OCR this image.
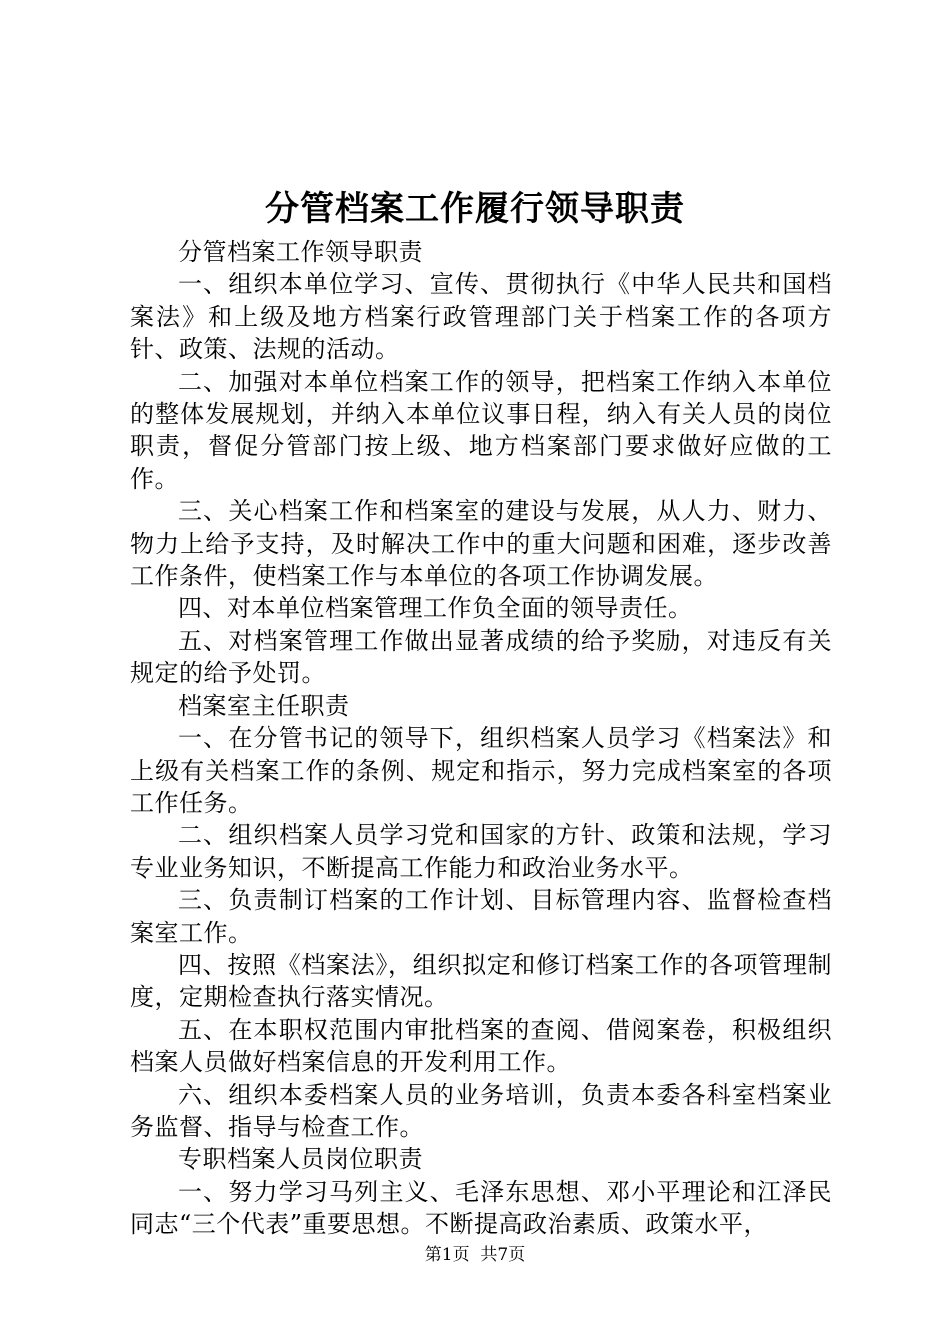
分管档案工作履行领导职责

分管档案工作领导职责

一、组织本单位学习、宣传、贯彻执行《中华人民共和国档案法》和上级及地方档案行政管理部门关于档案工作的各项方针、政策、法规的活动。

二、加强对本单位档案工作的领导，把档案工作纳入本单位的整体发展规划，并纳入本单位议事日程，纳入有关人员的岗位职责，督促分管部门按上级、地方档案部门要求做好应做的工作。

三、关心档案工作和档案室的建设与发展，从人力、财力、物力上给予支持，及时解决工作中的重大问题和困难，逐步改善工作条件，使档案工作与本单位的各项工作协调发展。

四、对本单位档案管理工作负全面的领导责任。

五、对档案管理工作做出显著成绩的给予奖励，对违反有关规定的给予处罚。

档案室主任职责

一、在分管书记的领导下，组织档案人员学习《档案法》和上级有关档案工作的条例、规定和指示，努力完成档案室的各项工作任务。

二、组织档案人员学习党和国家的方针、政策和法规，学习专业业务知识，不断提高工作能力和政治业务水平。

三、负责制订档案的工作计划、目标管理内容、监督检查档案室工作。

四、按照《档案法》，组织拟定和修订档案工作的各项管理制度，定期检查执行落实情况。

五、在本职权范围内审批档案的查阅、借阅案卷，积极组织档案人员做好档案信息的开发利用工作。

六、组织本委档案人员的业务培训，负责本委各科室档案业务监督、指导与检查工作。

专职档案人员岗位职责

一、努力学习马列主义、毛泽东思想、邓小平理论和江泽民同志“三个代表”重要思想。不断提高政治素质、政策水平，

第1页 共7页
